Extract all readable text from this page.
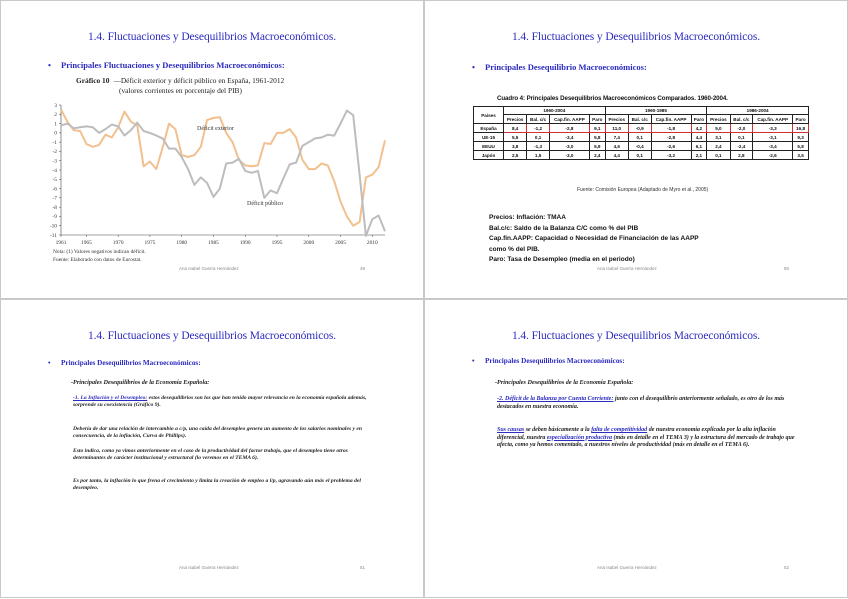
1.4. Fluctuaciones y Desequilibrios Macroeconómicos.
• Principales Fluctuaciones y Desequilibrios Macroeconómicos:
Gráfico 10 —Déficit exterior y déficit público en España, 1961-2012
(valores corrientes en porcentaje del PIB)
3
2
1
0
-1
-2
-3
-4
-5
-6
-7
-8
-9
-10
-11
1961	1965	1970	1975	1980	1985	1990	1995	2000	2005	2010
Déficit exterior
Déficit público
Nota: (1) Valores negativos indican déficit.
Fuente: Elaborado con datos de Eurostat.
Ana Isabel Guerra Hernández	49
1.4. Fluctuaciones y Desequilibrios Macroeconómicos.
• Principales Desequilibrio Macroeconómicos:
Cuadro 4: Principales Desequilibrios Macroeconómicos Comparados. 1960-2004.
Países	1960-2004				1960-1985				1986-2004			
	Precios	Bal. c/c	Cap.fin. AAPP	Paro	Precios	Bal. c/c	Cap.fin. AAPP	Paro	Precios	Bal. c/c	Cap.fin. AAPP	Paro
España	8,4	-1,2	-2,8	9,1	11,0	-0,9	-1,8	4,2	5,0	-2,0	-3,3	16,8
UE-15	5,5	0,1	-3,4	5,8	7,4	0,1	-2,8	4,4	3,1	0,1	-3,1	9,3
EEUU	3,8	-1,3	-3,0	5,9	4,6	-0,4	-2,6	6,1	2,4	-2,4	-3,4	5,8
Japón	2,5	1,5	-3,0	2,4	4,4	0,1	-3,2	2,1	0,1	2,8	-2,6	3,5
Fuente: Comisión Europea (Adaptado de Myro et al., 2005)
Precios: Inflación: TMAA
Bal.c/c: Saldo de la Balanza C/C como % del PIB
Cap.fin.AAPP: Capacidad o Necesidad de Financiación de las AAPP
como % del PIB.
Paro: Tasa de Desempleo (media en el periodo)
Ana Isabel Guerra Hernández	50
1.4. Fluctuaciones y Desequilibrios Macroeconómicos.
• Principales Desequilibrios Macroeconómicos:
-Principales Desequilibrios de la Economía Española:
-1. La Inflación y el Desempleo: estos desequilibrios son los que han tenido mayor relevancia en la economía española además, sorprende su coexistencia (Gráfico 9).
Debería de dar una relación de intercambio a c/p, una caída del desempleo genera un aumento de los salarios nominales y en consecuencia, de la inflación, Curva de Phillips).
Esto indica, como ya vimos anteriormente en el caso de la productividad del factor trabajo, que el desempleo tiene otros determinantes de carácter institucional y estructural (lo veremos en el TEMA 6).
Es por tanto, la inflación lo que frena el crecimiento y limita la creación de empleo a l/p, agravando aún más el problema del desempleo.
Ana Isabel Guerra Hernández	51
1.4. Fluctuaciones y Desequilibrios Macroeconómicos.
• Principales Desequilibrios Macroeconómicos:
-Principales Desequilibrios de la Economía Española:
-2. Déficit de la Balanza por Cuenta Corriente: junto con el desequilibrio anteriormente señalado, es otro de los más destacados en nuestra economía.
Sus causas se deben básicamente a la falta de competitividad de nuestra economía explicada por la alta inflación diferencial, nuestra especialización productiva (más en detalle en el TEMA 3) y la estructura del mercado de trabajo que afecta, como ya hemos comentado, a nuestros niveles de productividad (más en detalle en el TEMA 6).
Ana Isabel Guerra Hernández	52
